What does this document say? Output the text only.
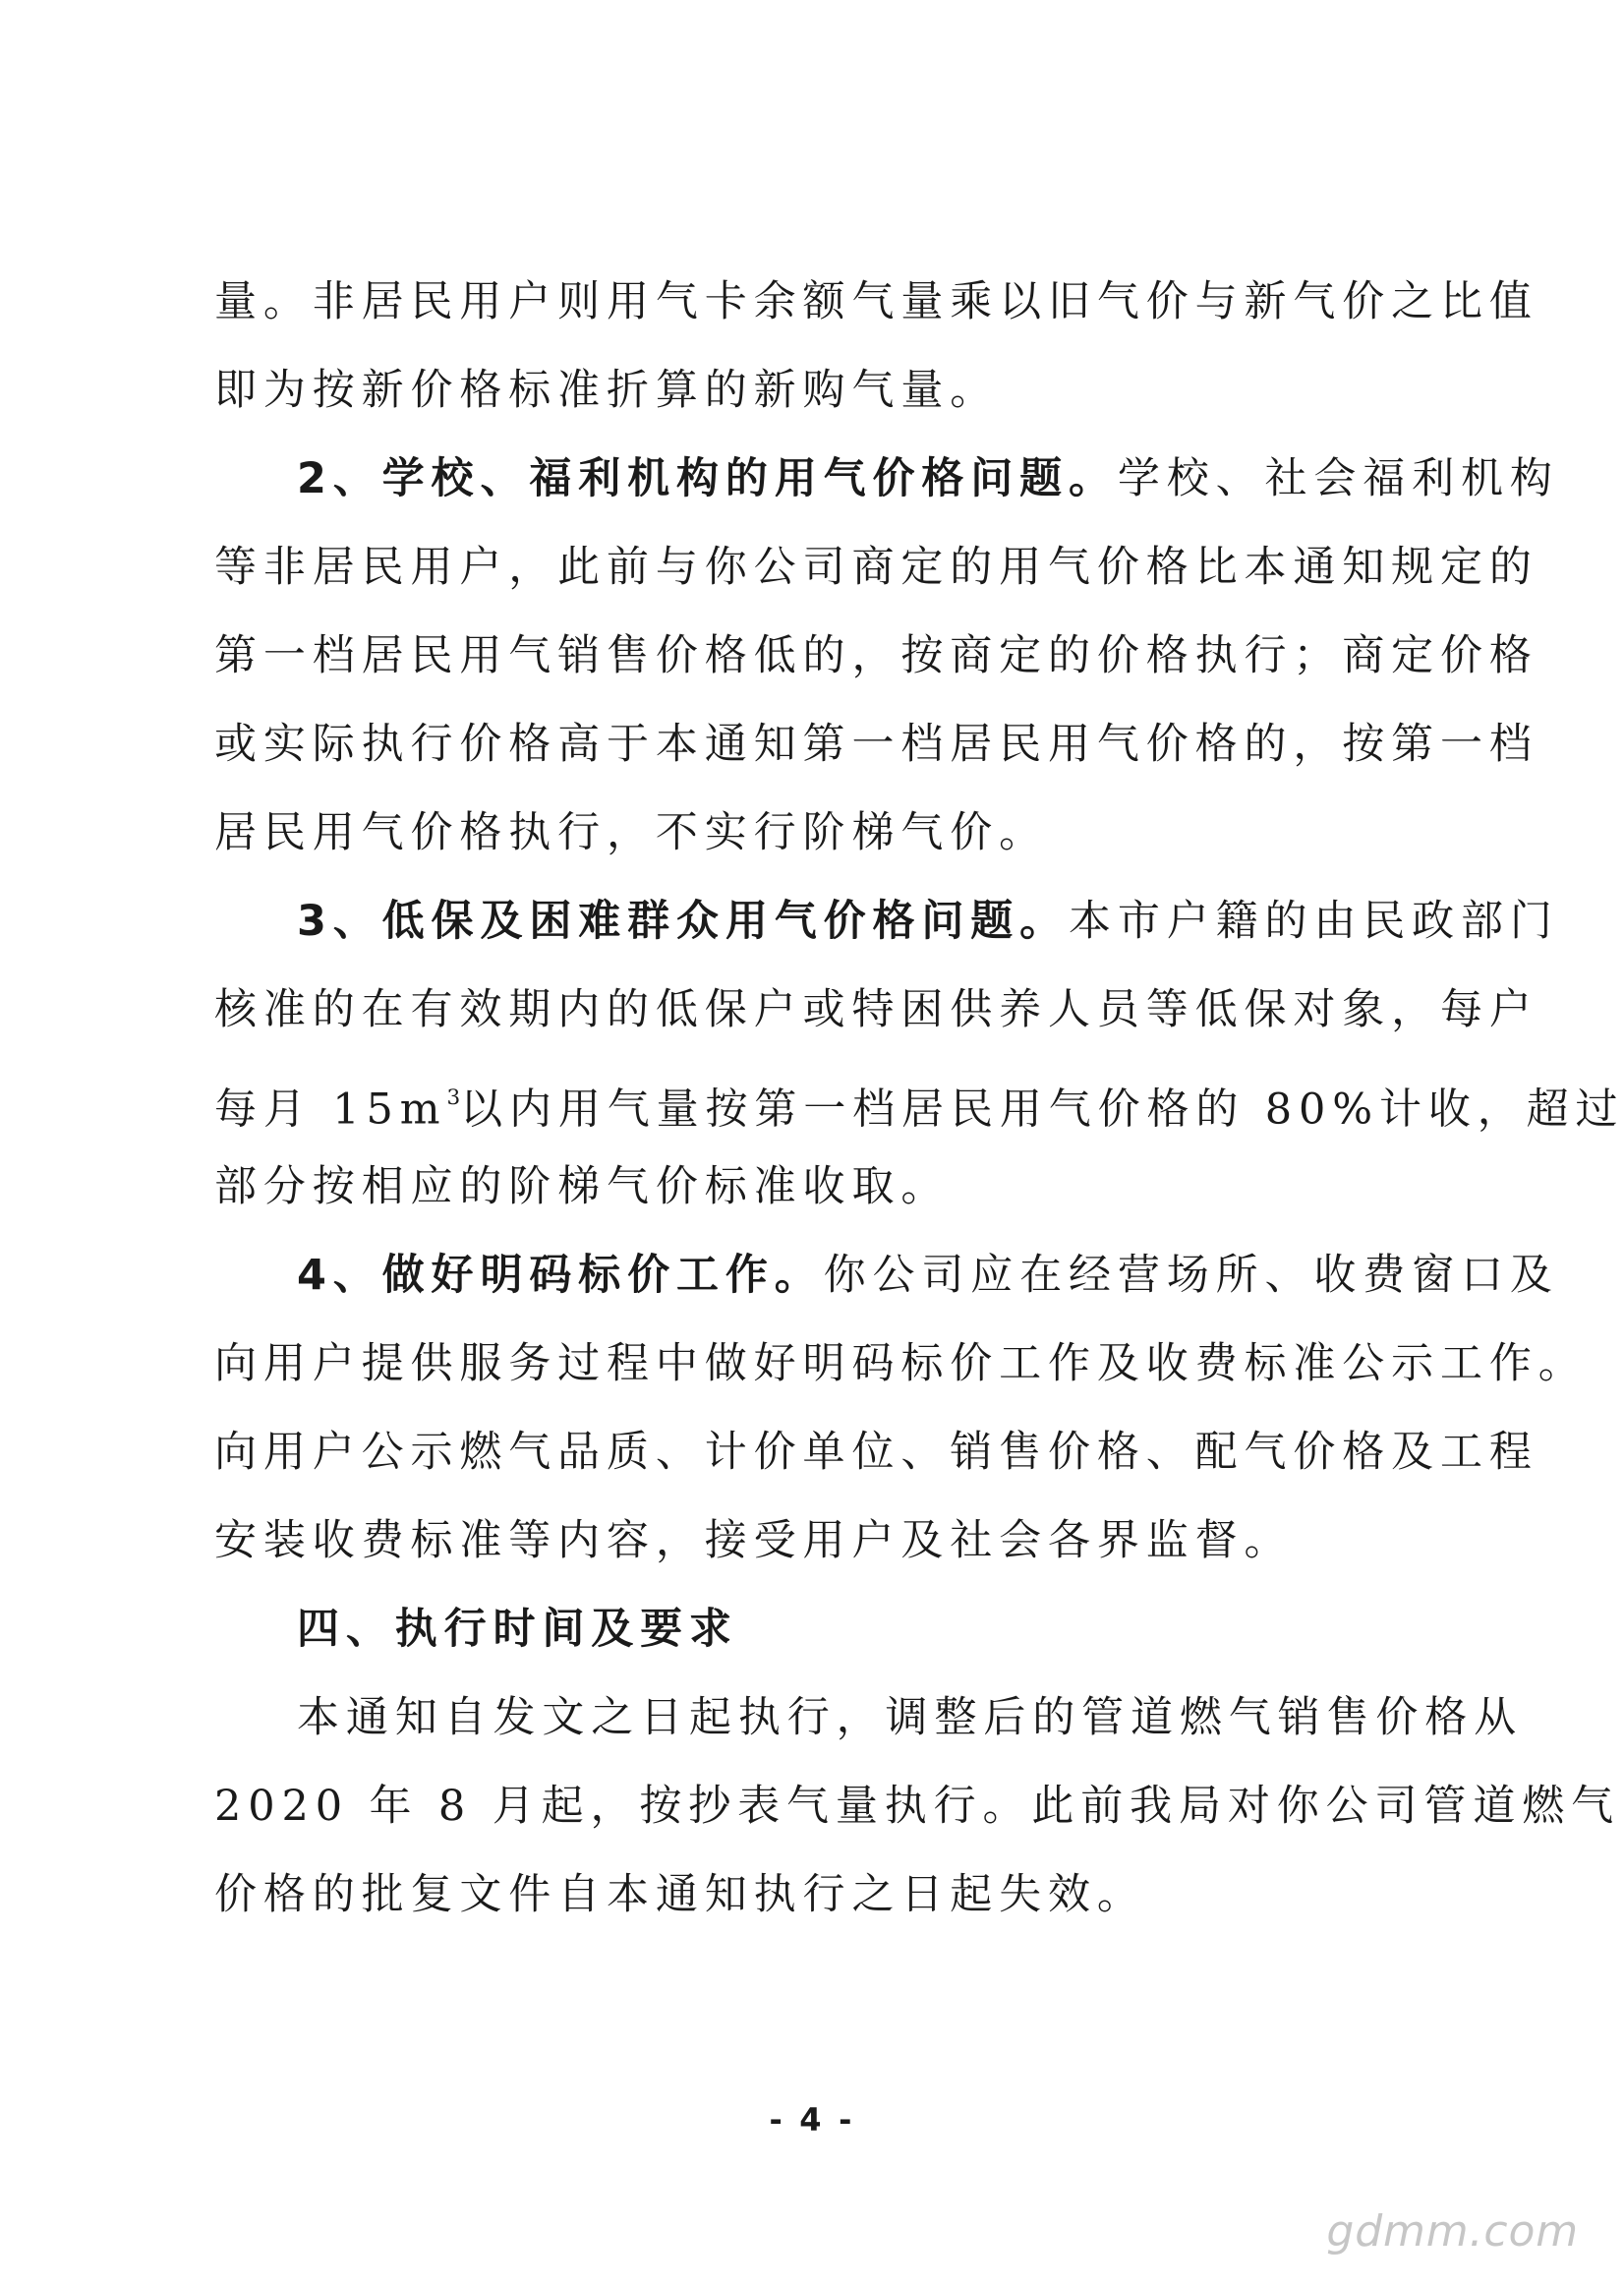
量。非居民用户则用气卡余额气量乘以旧气价与新气价之比值
即为按新价格标准折算的新购气量。
2、学校、福利机构的用气价格问题。学校、社会福利机构
等非居民用户，此前与你公司商定的用气价格比本通知规定的
第一档居民用气销售价格低的，按商定的价格执行；商定价格
或实际执行价格高于本通知第一档居民用气价格的，按第一档
居民用气价格执行，不实行阶梯气价。
3、低保及困难群众用气价格问题。本市户籍的由民政部门
核准的在有效期内的低保户或特困供养人员等低保对象，每户
每月 $15m^3$以内用气量按第一档居民用气价格的 80%计收，超过
部分按相应的阶梯气价标准收取。
4、做好明码标价工作。你公司应在经营场所、收费窗口及
向用户提供服务过程中做好明码标价工作及收费标准公示工作。
向用户公示燃气品质、计价单位、销售价格、配气价格及工程
安装收费标准等内容，接受用户及社会各界监督。
四、执行时间及要求
本通知自发文之日起执行，调整后的管道燃气销售价格从
2020 年 8 月起，按抄表气量执行。此前我局对你公司管道燃气
价格的批复文件自本通知执行之日起失效。
- 4 -
gdmm.com
